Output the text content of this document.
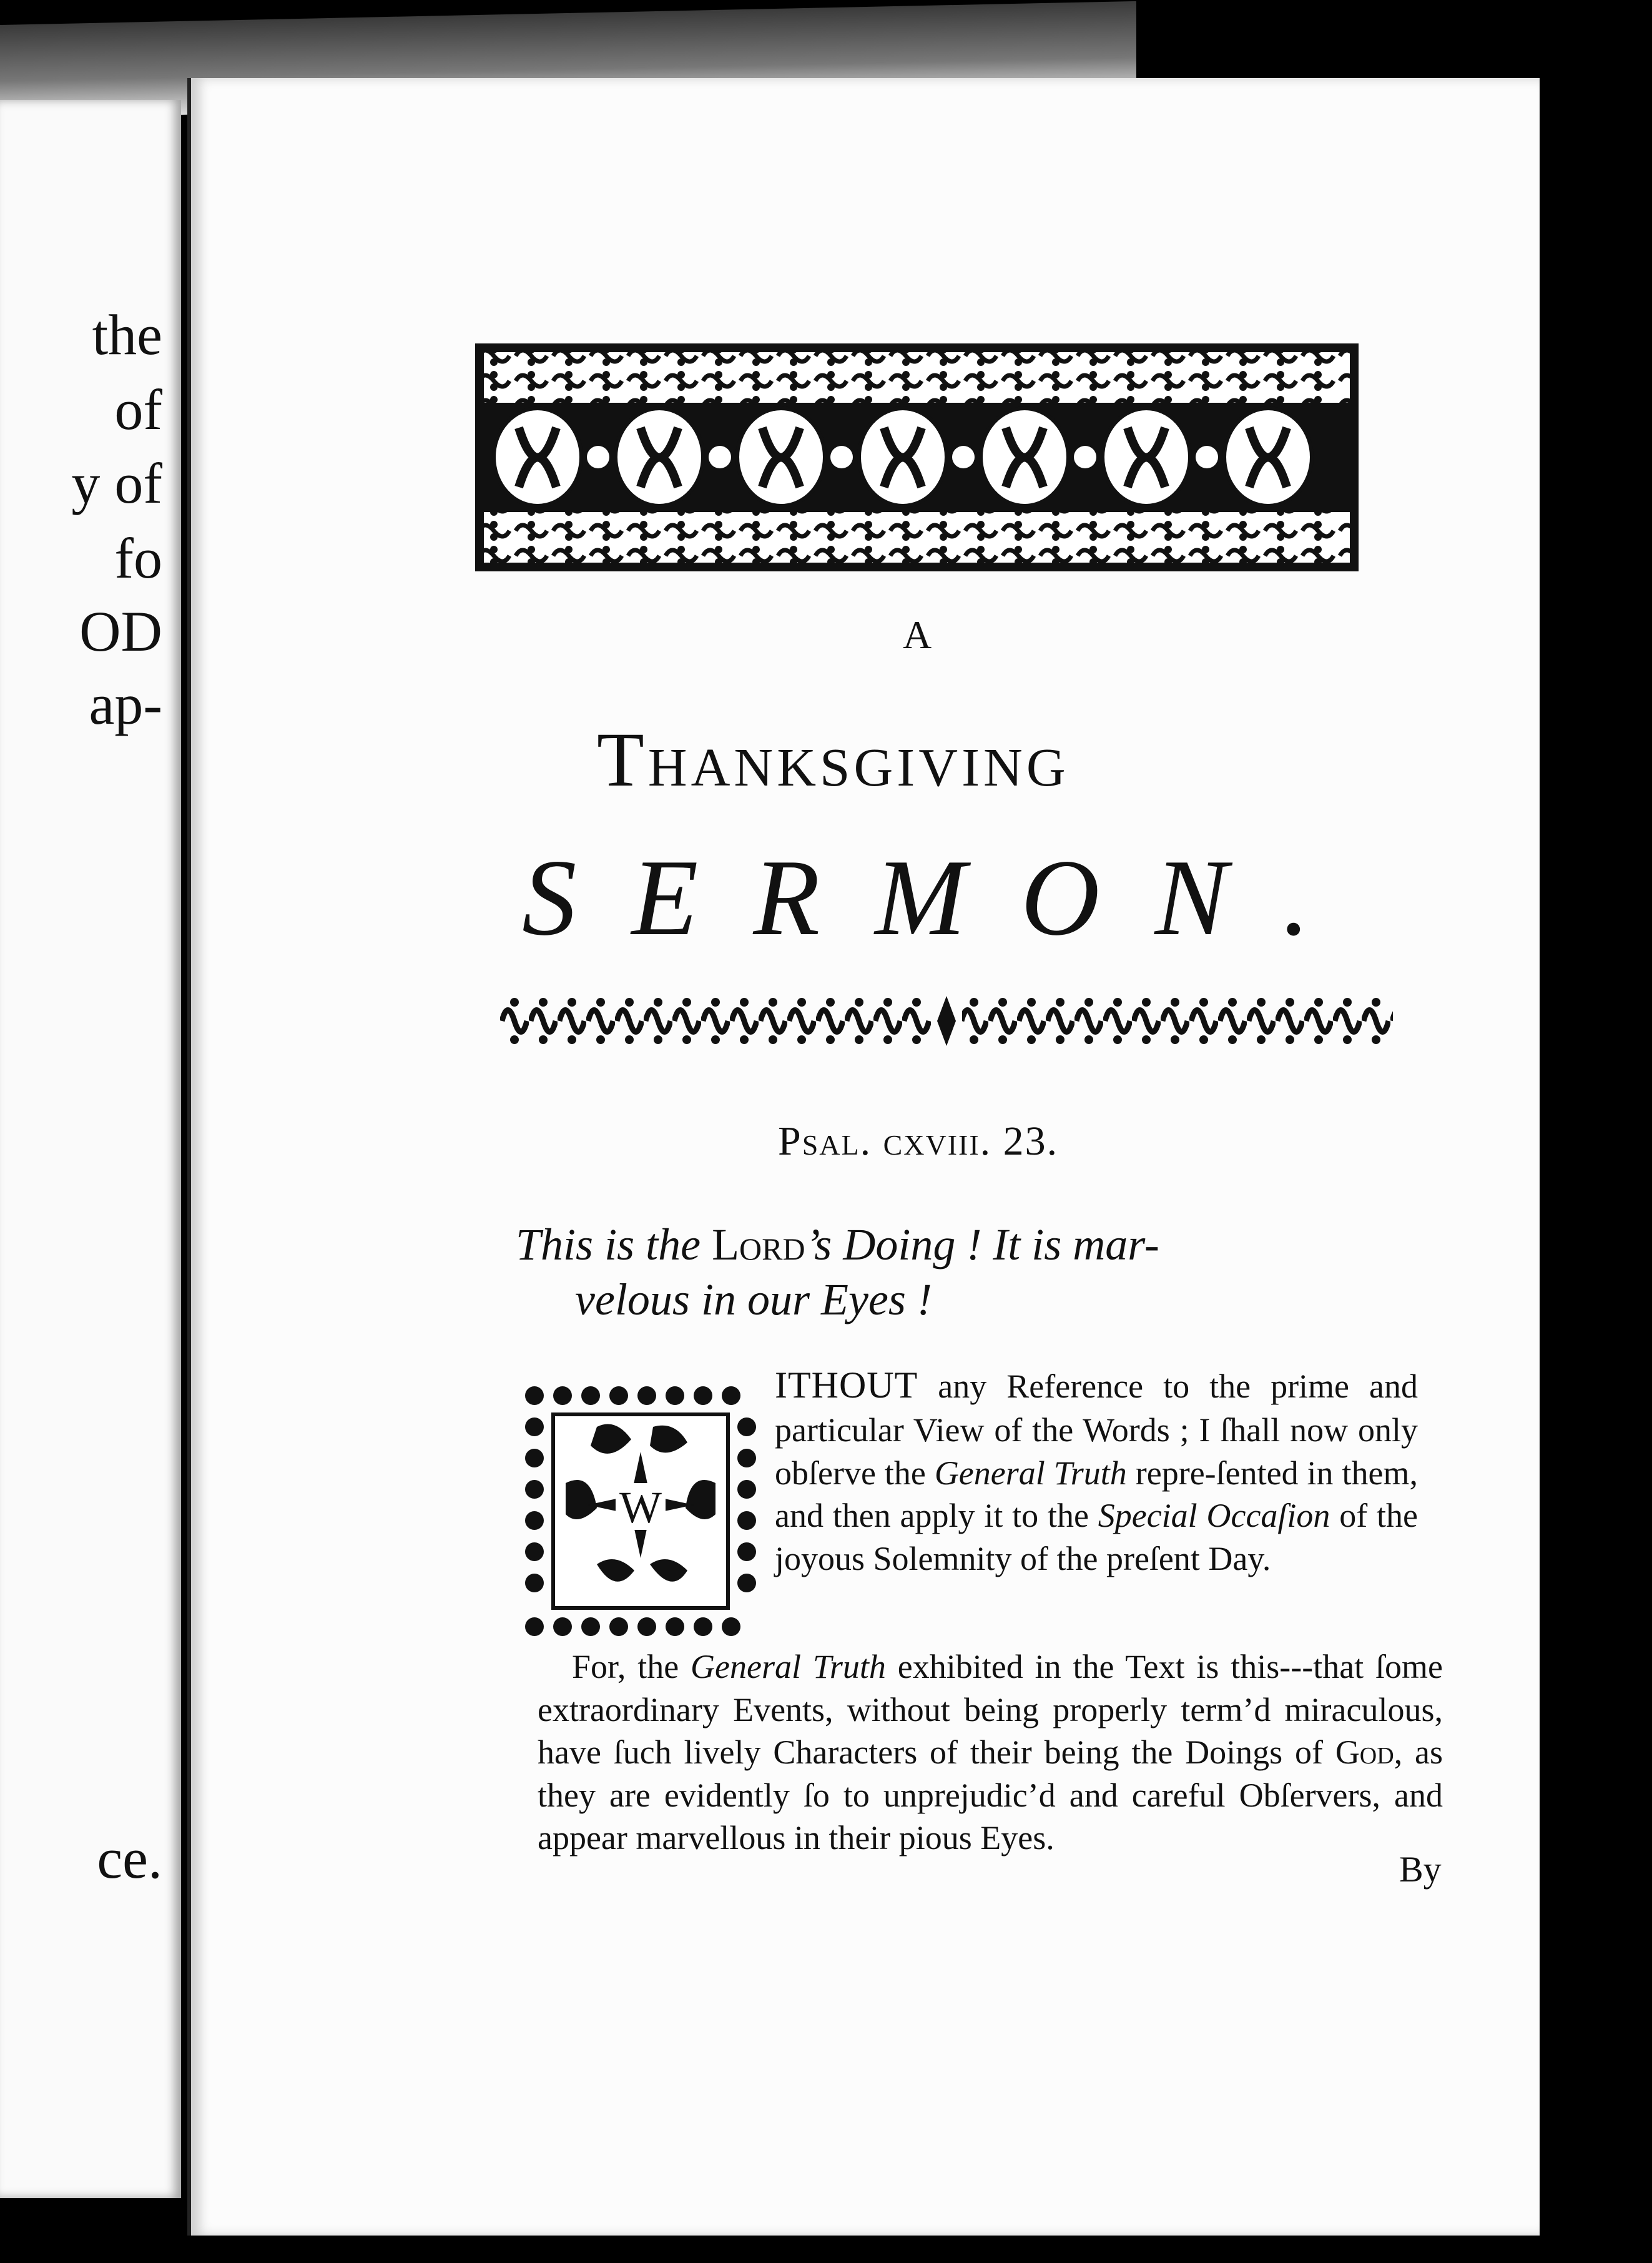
the
of
y of
fo
OD
ap-
ce.
A
Thanksgiving
SERMON.
Psal. cxviii. 23.
This is the Lord’s Doing ! It is mar-
velous in our Eyes !
W
ITHOUT any Reference to the prime and particular View of the Words ; I ſhall now only obſerve the General Truth repre-ſented in them, and then apply it to the Special Occaſion of the joyous Solemnity of the preſent Day.
For, the General Truth exhibited in the Text is this---that ſome extraordinary Events, without being properly term’d miraculous, have ſuch lively Characters of their being the Doings of God, as they are evidently ſo to unprejudic’d and careful Obſervers, and appear marvellous in their pious Eyes.
By
